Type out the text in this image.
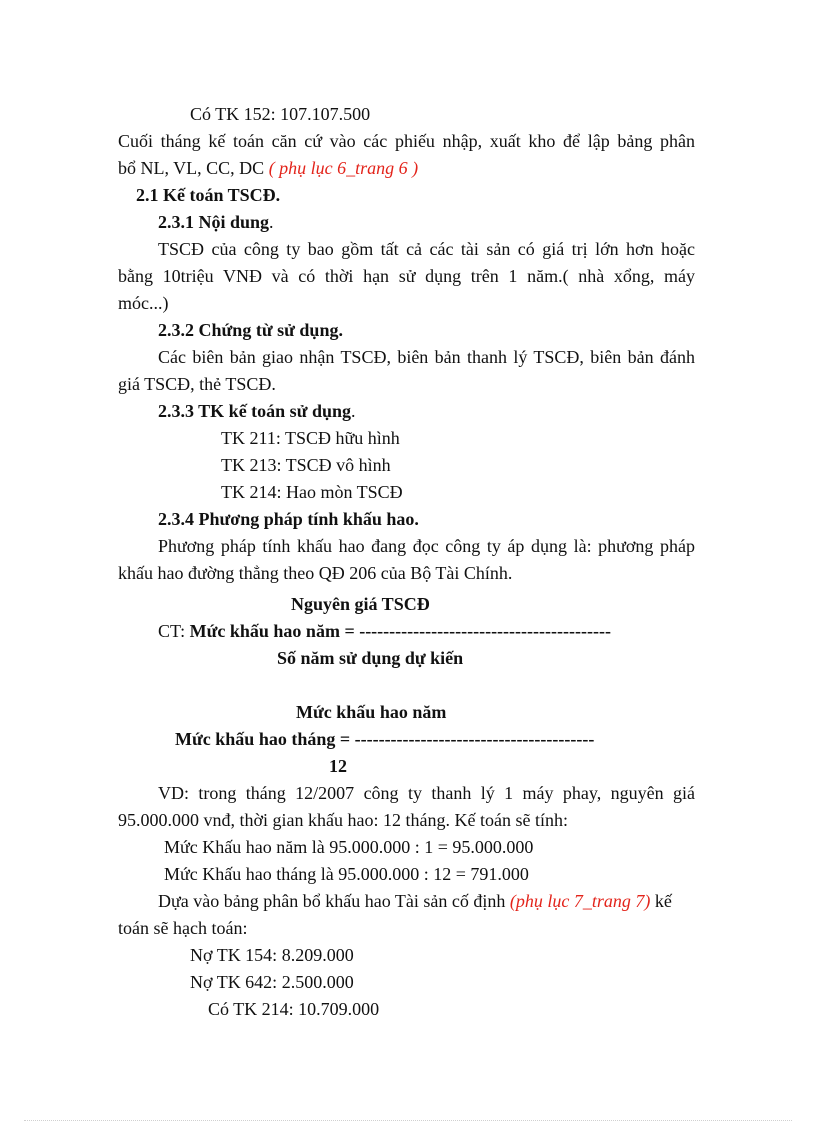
Có TK 152: 107.107.500
Cuối tháng kế toán căn cứ vào các phiếu nhập, xuất kho để lập bảng phân
bổ NL, VL, CC, DC ( phụ lục 6_trang 6 )
2.1 Kế toán TSCĐ.
2.3.1 Nội dung.
TSCĐ của công ty bao gồm tất cả các tài sản có giá trị lớn hơn hoặc
bằng 10triệu VNĐ và có thời hạn sử dụng trên 1 năm.( nhà xổng, máy
móc...)
2.3.2 Chứng từ sử dụng.
Các biên bản giao nhận TSCĐ, biên bản thanh lý TSCĐ, biên bản đánh
giá TSCĐ, thẻ TSCĐ.
2.3.3 TK kế toán sử dụng.
TK 211: TSCĐ hữu hình
TK 213: TSCĐ vô hình
TK 214: Hao mòn TSCĐ
2.3.4 Phương pháp tính khấu hao.
Phương pháp tính khấu hao đang đọc công ty áp dụng là: phương pháp
khấu hao đường thẳng theo QĐ 206 của Bộ Tài Chính.
Nguyên giá TSCĐ
CT: Mức khấu hao năm = ------------------------------------------
Số năm sử dụng dự kiến
Mức khấu hao năm
Mức khấu hao tháng = ----------------------------------------
12
VD: trong tháng 12/2007 công ty thanh lý 1 máy phay, nguyên giá
95.000.000 vnđ, thời gian khấu hao: 12 tháng. Kế toán sẽ tính:
Mức Khấu hao năm là 95.000.000 : 1 = 95.000.000
Mức Khấu hao tháng là 95.000.000 : 12 = 791.000
Dựa vào bảng phân bổ khấu hao Tài sản cố định (phụ lục 7_trang 7) kế
toán sẽ hạch toán:
Nợ TK 154: 8.209.000
Nợ TK 642: 2.500.000
Có TK 214: 10.709.000
